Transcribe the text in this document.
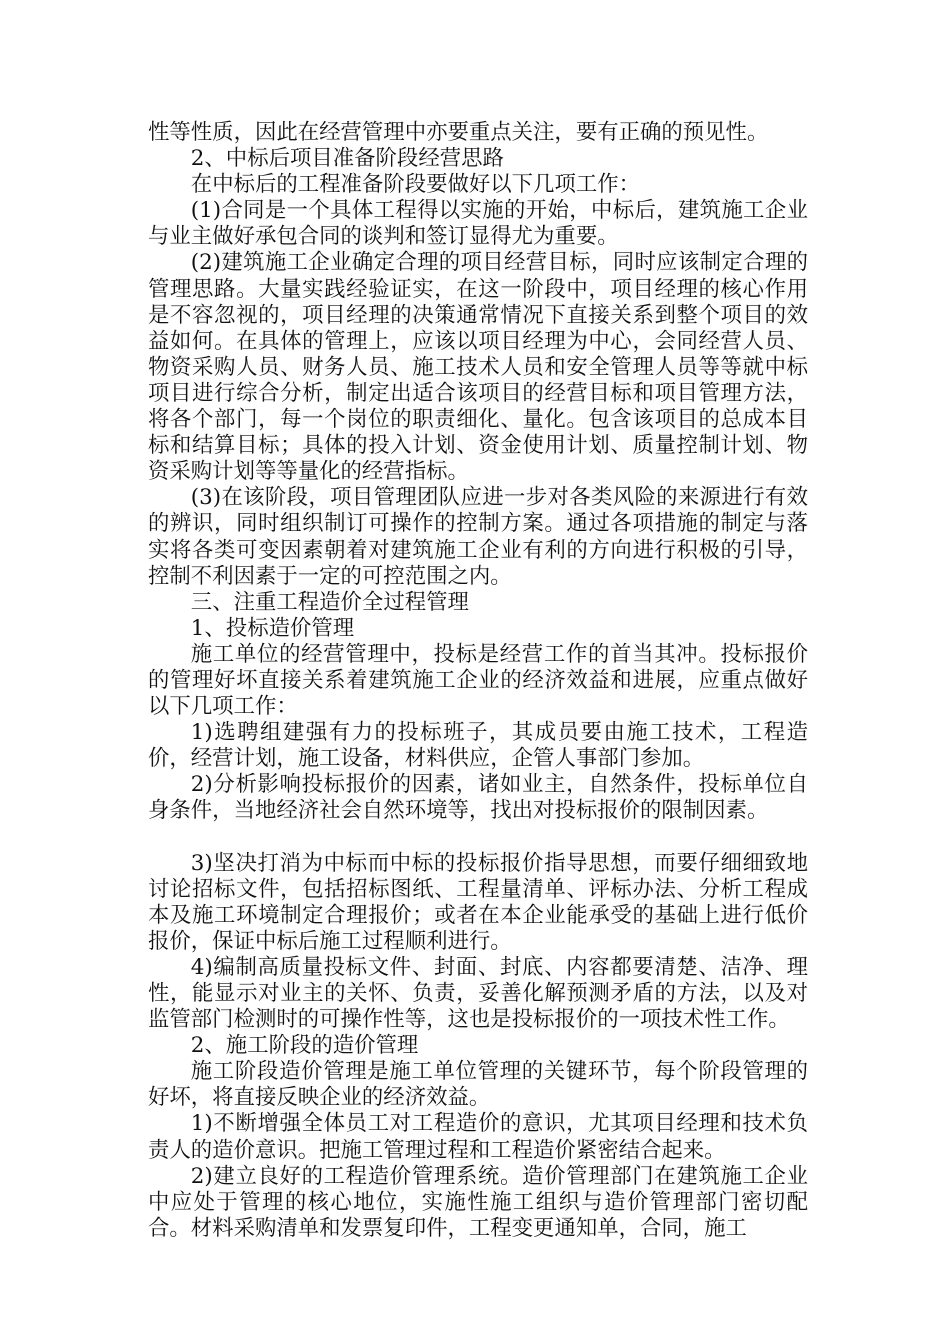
性等性质，因此在经营管理中亦要重点关注，要有正确的预见性。

2、中标后项目准备阶段经营思路

在中标后的工程准备阶段要做好以下几项工作：

(1)合同是一个具体工程得以实施的开始，中标后，建筑施工企业与业主做好承包合同的谈判和签订显得尤为重要。

(2)建筑施工企业确定合理的项目经营目标，同时应该制定合理的管理思路。大量实践经验证实，在这一阶段中，项目经理的核心作用是不容忽视的，项目经理的决策通常情况下直接关系到整个项目的效益如何。在具体的管理上，应该以项目经理为中心，会同经营人员、物资采购人员、财务人员、施工技术人员和安全管理人员等等就中标项目进行综合分析，制定出适合该项目的经营目标和项目管理方法，将各个部门，每一个岗位的职责细化、量化。包含该项目的总成本目标和结算目标；具体的投入计划、资金使用计划、质量控制计划、物资采购计划等等量化的经营指标。

(3)在该阶段，项目管理团队应进一步对各类风险的来源进行有效的辨识，同时组织制订可操作的控制方案。通过各项措施的制定与落实将各类可变因素朝着对建筑施工企业有利的方向进行积极的引导，控制不利因素于一定的可控范围之内。

三、注重工程造价全过程管理

1、投标造价管理

施工单位的经营管理中，投标是经营工作的首当其冲。投标报价的管理好坏直接关系着建筑施工企业的经济效益和进展，应重点做好以下几项工作：

1)选聘组建强有力的投标班子，其成员要由施工技术，工程造价，经营计划，施工设备，材料供应，企管人事部门参加。

2)分析影响投标报价的因素，诸如业主，自然条件，投标单位自身条件，当地经济社会自然环境等，找出对投标报价的限制因素。

3)坚决打消为中标而中标的投标报价指导思想，而要仔细细致地讨论招标文件，包括招标图纸、工程量清单、评标办法、分析工程成本及施工环境制定合理报价；或者在本企业能承受的基础上进行低价报价，保证中标后施工过程顺利进行。

4)编制高质量投标文件、封面、封底、内容都要清楚、洁净、理性，能显示对业主的关怀、负责，妥善化解预测矛盾的方法，以及对监管部门检测时的可操作性等，这也是投标报价的一项技术性工作。

2、施工阶段的造价管理

施工阶段造价管理是施工单位管理的关键环节，每个阶段管理的好坏，将直接反映企业的经济效益。

1)不断增强全体员工对工程造价的意识，尤其项目经理和技术负责人的造价意识。把施工管理过程和工程造价紧密结合起来。

2)建立良好的工程造价管理系统。造价管理部门在建筑施工企业中应处于管理的核心地位，实施性施工组织与造价管理部门密切配合。材料采购清单和发票复印件，工程变更通知单，合同，施工
